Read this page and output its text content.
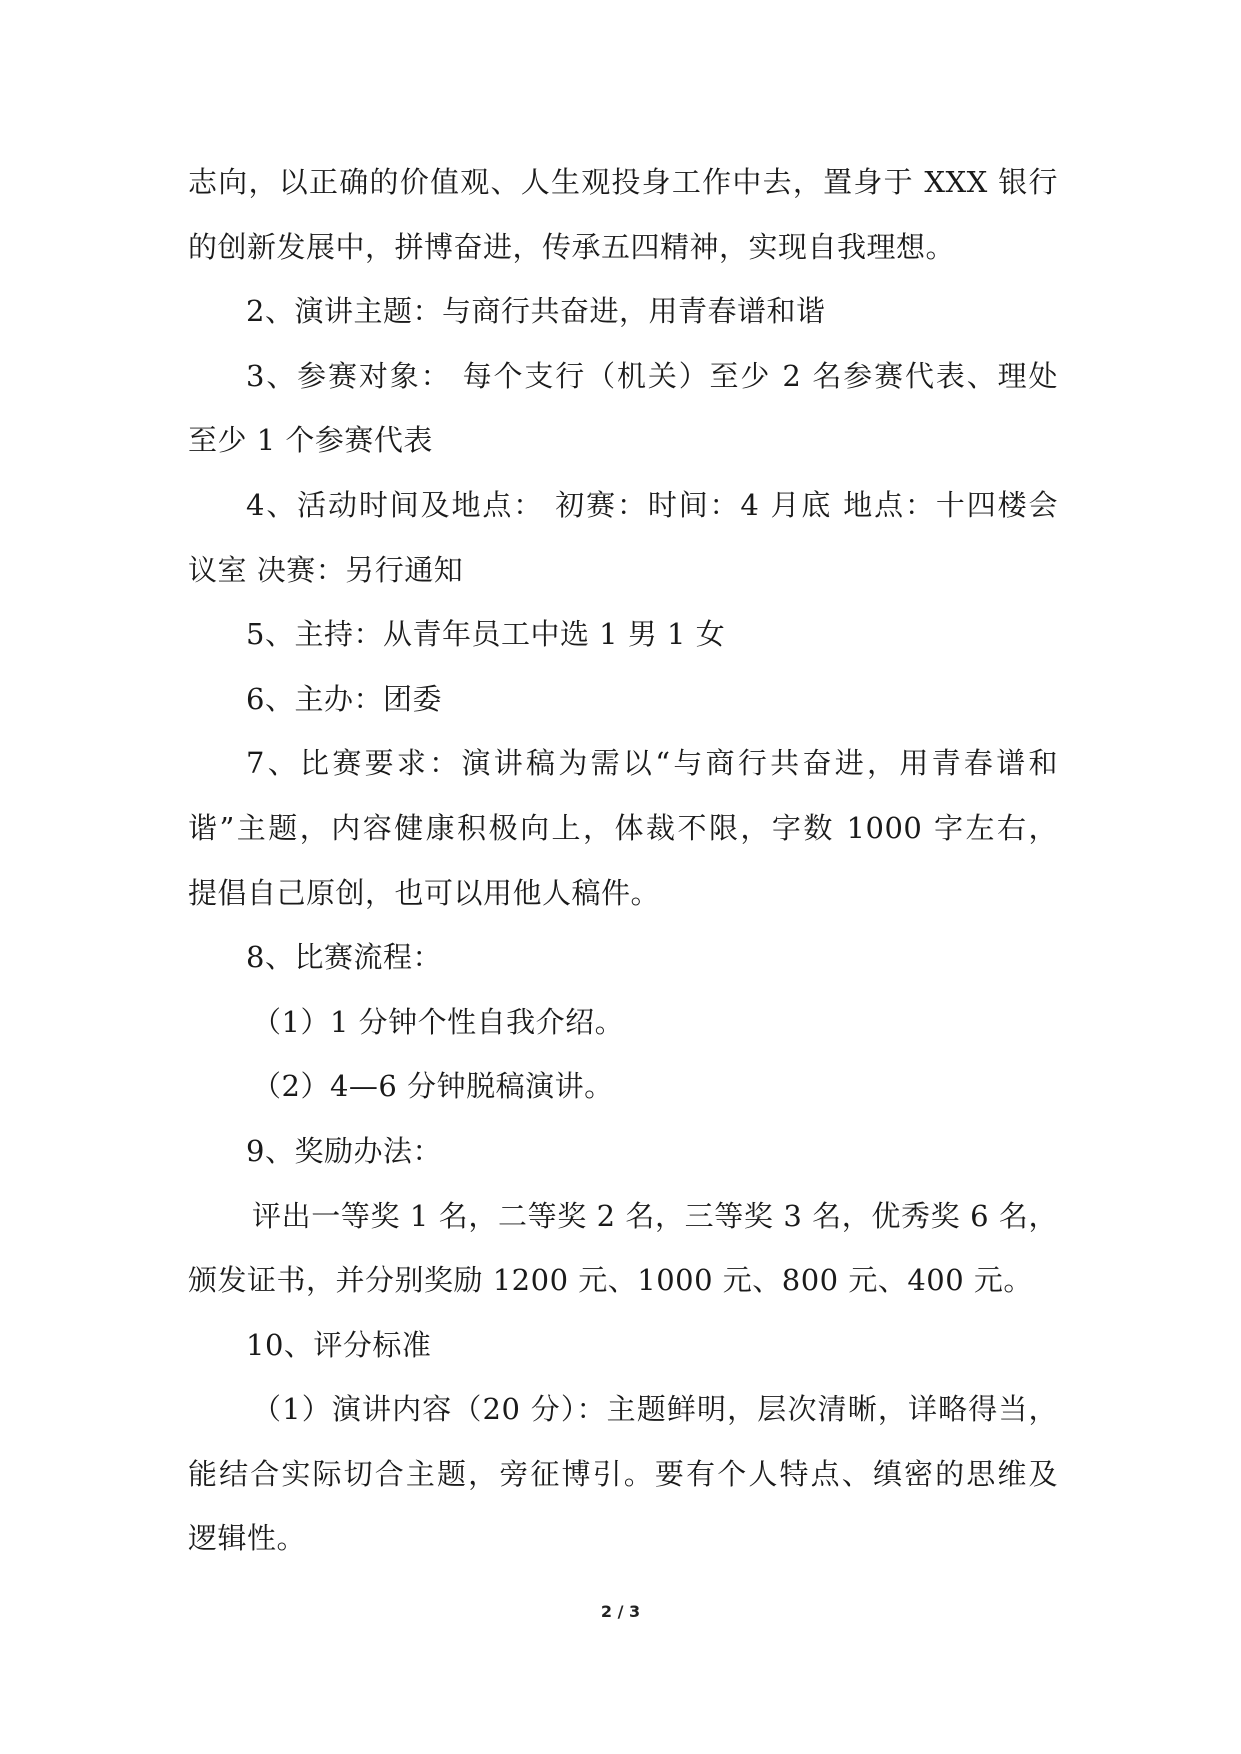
志向，以正确的价值观、人生观投身工作中去，置身于 XXX 银行
的创新发展中，拼博奋进，传承五四精神，实现自我理想。
2、演讲主题：与商行共奋进，用青春谱和谐
3、参赛对象： 每个支行（机关）至少 2 名参赛代表、理处
至少 1 个参赛代表
4、活动时间及地点： 初赛：时间：4 月底 地点：十四楼会
议室 决赛：另行通知
5、主持：从青年员工中选 1 男 1 女
6、主办：团委
7、比赛要求：演讲稿为需以“与商行共奋进，用青春谱和
谐”主题，内容健康积极向上，体裁不限，字数 1000 字左右，
提倡自己原创，也可以用他人稿件。
8、比赛流程：
（1）1 分钟个性自我介绍。
（2）4—6 分钟脱稿演讲。
9、奖励办法：
评出一等奖 1 名，二等奖 2 名，三等奖 3 名，优秀奖 6 名，
颁发证书，并分别奖励 1200 元、1000 元、800 元、400 元。
10、评分标准
（1）演讲内容（20 分）：主题鲜明，层次清晰，详略得当，
能结合实际切合主题，旁征博引。要有个人特点、缜密的思维及
逻辑性。
2 / 3
